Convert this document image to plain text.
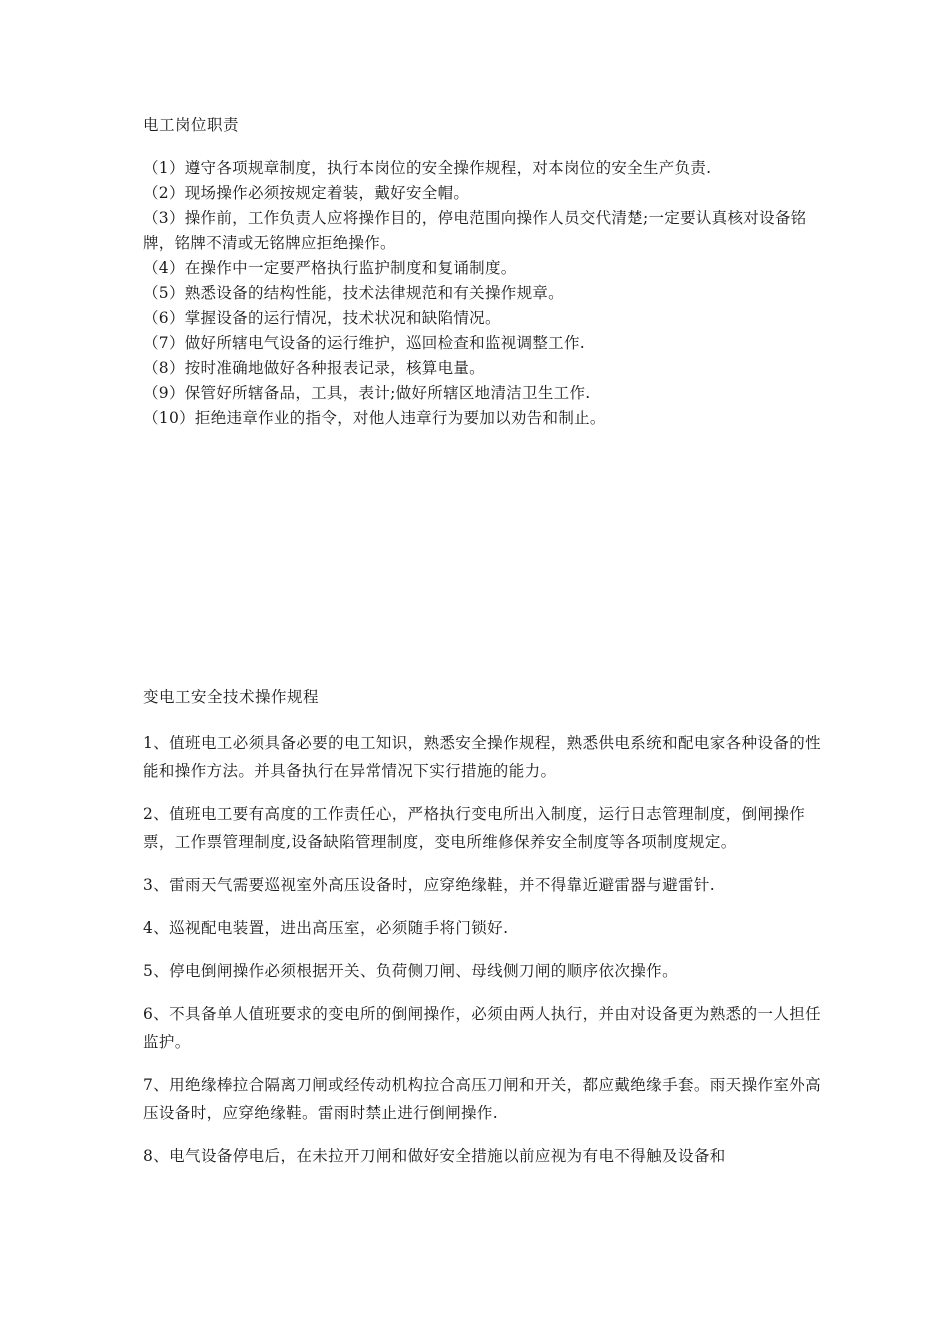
电工岗位职责
（1）遵守各项规章制度，执行本岗位的安全操作规程，对本岗位的安全生产负责.
（2）现场操作必须按规定着装，戴好安全帽。
（3）操作前，工作负责人应将操作目的，停电范围向操作人员交代清楚;一定要认真核对设备铭牌，铭牌不清或无铭牌应拒绝操作。
（4）在操作中一定要严格执行监护制度和复诵制度。
（5）熟悉设备的结构性能，技术法律规范和有关操作规章。
（6）掌握设备的运行情况，技术状况和缺陷情况。
（7）做好所辖电气设备的运行维护，巡回检查和监视调整工作.
（8）按时准确地做好各种报表记录，核算电量。
（9）保管好所辖备品，工具，表计;做好所辖区地清洁卫生工作.
（10）拒绝违章作业的指令，对他人违章行为要加以劝告和制止。
变电工安全技术操作规程
1、值班电工必须具备必要的电工知识，熟悉安全操作规程，熟悉供电系统和配电家各种设备的性能和操作方法。并具备执行在异常情况下实行措施的能力。
2、值班电工要有高度的工作责任心，严格执行变电所出入制度，运行日志管理制度，倒闸操作票，工作票管理制度,设备缺陷管理制度，变电所维修保养安全制度等各项制度规定。
3、雷雨天气需要巡视室外高压设备时，应穿绝缘鞋，并不得靠近避雷器与避雷针.
4、巡视配电装置，进出高压室，必须随手将门锁好.
5、停电倒闸操作必须根据开关、负荷侧刀闸、母线侧刀闸的顺序依次操作。
6、不具备单人值班要求的变电所的倒闸操作，必须由两人执行，并由对设备更为熟悉的一人担任监护。
7、用绝缘棒拉合隔离刀闸或经传动机构拉合高压刀闸和开关，都应戴绝缘手套。雨天操作室外高压设备时，应穿绝缘鞋。雷雨时禁止进行倒闸操作.
8、电气设备停电后，在未拉开刀闸和做好安全措施以前应视为有电不得触及设备和
